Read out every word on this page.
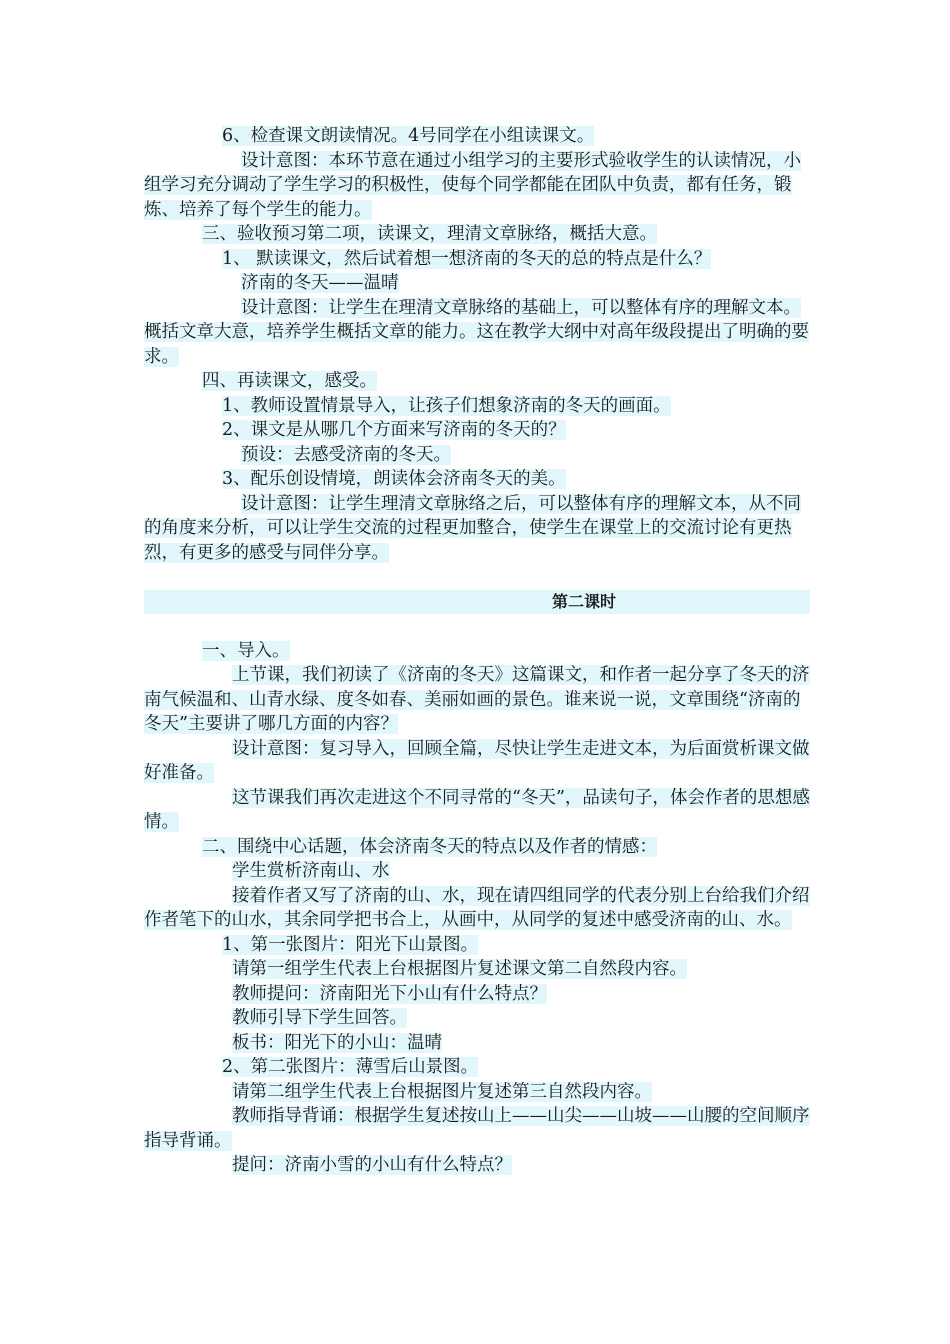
6、检查课文朗读情况。4号同学在小组读课文。

设计意图：本环节意在通过小组学习的主要形式验收学生的认读情况，小组学习充分调动了学生学习的积极性，使每个同学都能在团队中负责，都有任务，锻炼、培养了每个学生的能力。

三、验收预习第二项，读课文，理清文章脉络，概括大意。

1、 默读课文，然后试着想一想济南的冬天的总的特点是什么？

济南的冬天——温晴

设计意图：让学生在理清文章脉络的基础上，可以整体有序的理解文本。概括文章大意，培养学生概括文章的能力。这在教学大纲中对高年级段提出了明确的要求。

四、再读课文，感受。

1、教师设置情景导入，让孩子们想象济南的冬天的画面。

2、课文是从哪几个方面来写济南的冬天的？

预设：去感受济南的冬天。

3、配乐创设情境，朗读体会济南冬天的美。

设计意图：让学生理清文章脉络之后，可以整体有序的理解文本，从不同的角度来分析，可以让学生交流的过程更加整合，使学生在课堂上的交流讨论有更热烈，有更多的感受与同伴分享。

第二课时

一、导入。

上节课，我们初读了《济南的冬天》这篇课文，和作者一起分享了冬天的济南气候温和、山青水绿、度冬如春、美丽如画的景色。谁来说一说，文章围绕“济南的冬天”主要讲了哪几方面的内容？

设计意图：复习导入，回顾全篇，尽快让学生走进文本，为后面赏析课文做好准备。

这节课我们再次走进这个不同寻常的“冬天”，品读句子，体会作者的思想感情。

二、围绕中心话题，体会济南冬天的特点以及作者的情感：

学生赏析济南山、水

接着作者又写了济南的山、水，现在请四组同学的代表分别上台给我们介绍作者笔下的山水，其余同学把书合上，从画中，从同学的复述中感受济南的山、水。

1、第一张图片：阳光下山景图。

请第一组学生代表上台根据图片复述课文第二自然段内容。

教师提问：济南阳光下小山有什么特点？

教师引导下学生回答。

板书：阳光下的小山：温晴

2、第二张图片：薄雪后山景图。

请第二组学生代表上台根据图片复述第三自然段内容。

教师指导背诵：根据学生复述按山上——山尖——山坡——山腰的空间顺序指导背诵。

提问：济南小雪的小山有什么特点？
